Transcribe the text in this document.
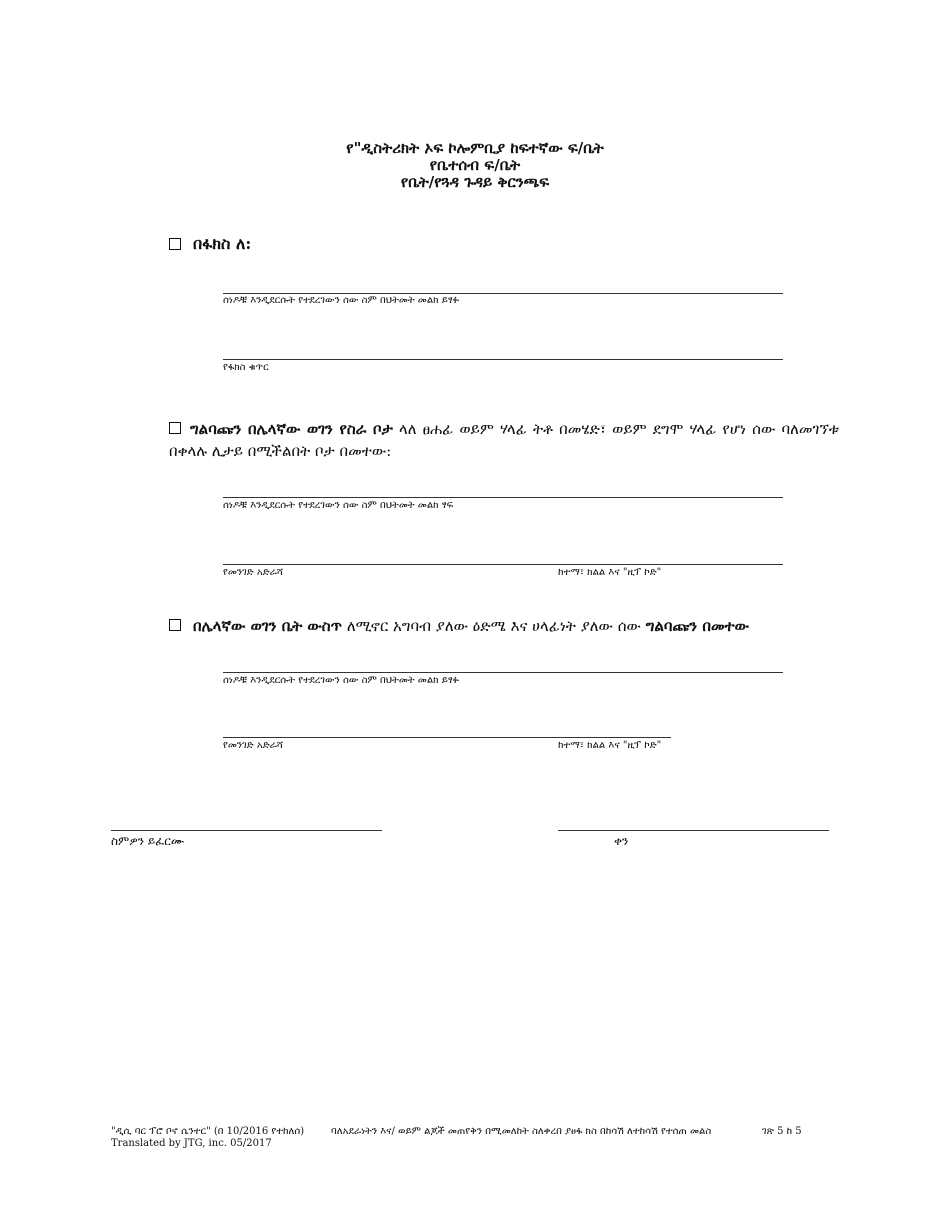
የ"ዲስትሪክት ኦፍ ኮሎምቢያ ከፍተኛው ፍ/ቤት
የቤተሰብ ፍ/ቤት
የቤት/የጓዳ ጉዳይ ቅርንጫፍ
በፋክስ ለ:
ሰነዶቹ እንዲደርሱት የተደረገውን ሰው ስም በህትመት መልክ ይፃፉ
የፋክስ ቁጥር
ግልባጩን በሌላኛው ወገን የስራ ቦታ ላለ ፀሐፊ ወይም ሃላፊ ትቶ በመሄድ፣ ወይም ደግሞ ሃላፊ የሆነ ሰው ባለመገኘቱ በቀላሉ ሊታይ በሚችልበት ቦታ በመተው:
ሰነዶቹ እንዲደርሱት የተደረገውን ሰው ስም በህትመት መልክ ፃፍ
የመንገድ አድራሻ	ከተማ፣ ክልል እና "ዚፕ ኮድ"
በሌላኛው ወገን ቤት ውስጥ ለሚኖር አግባብ ያለው ዕድሜ እና ሀላፊነት ያለው ሰው ግልባጩን በመተው
ሰነዶቹ እንዲደርሱት የተደረገውን ሰው ስም በህትመት መልክ ይፃፉ
የመንገድ አድራሻ	ከተማ፣ ክልል እና "ዚፕ ኮድ"
ስምዎን ይፈርሙ	ቀን
"ዲሲ ባር ፕሮ ቦኖ ሴንተር" (በ 10/2016 የተከለሰ)
Translated by JTG, inc. 05/2017
ባለአደራነትን እና/ ወይም ልጆች መጠየቅን በሚመለከት ስለቀረበ ያፀፋ ክስ በከሳሽ ለተከሳሽ የተሰጠ መልስ	ገጽ 5 ከ 5
